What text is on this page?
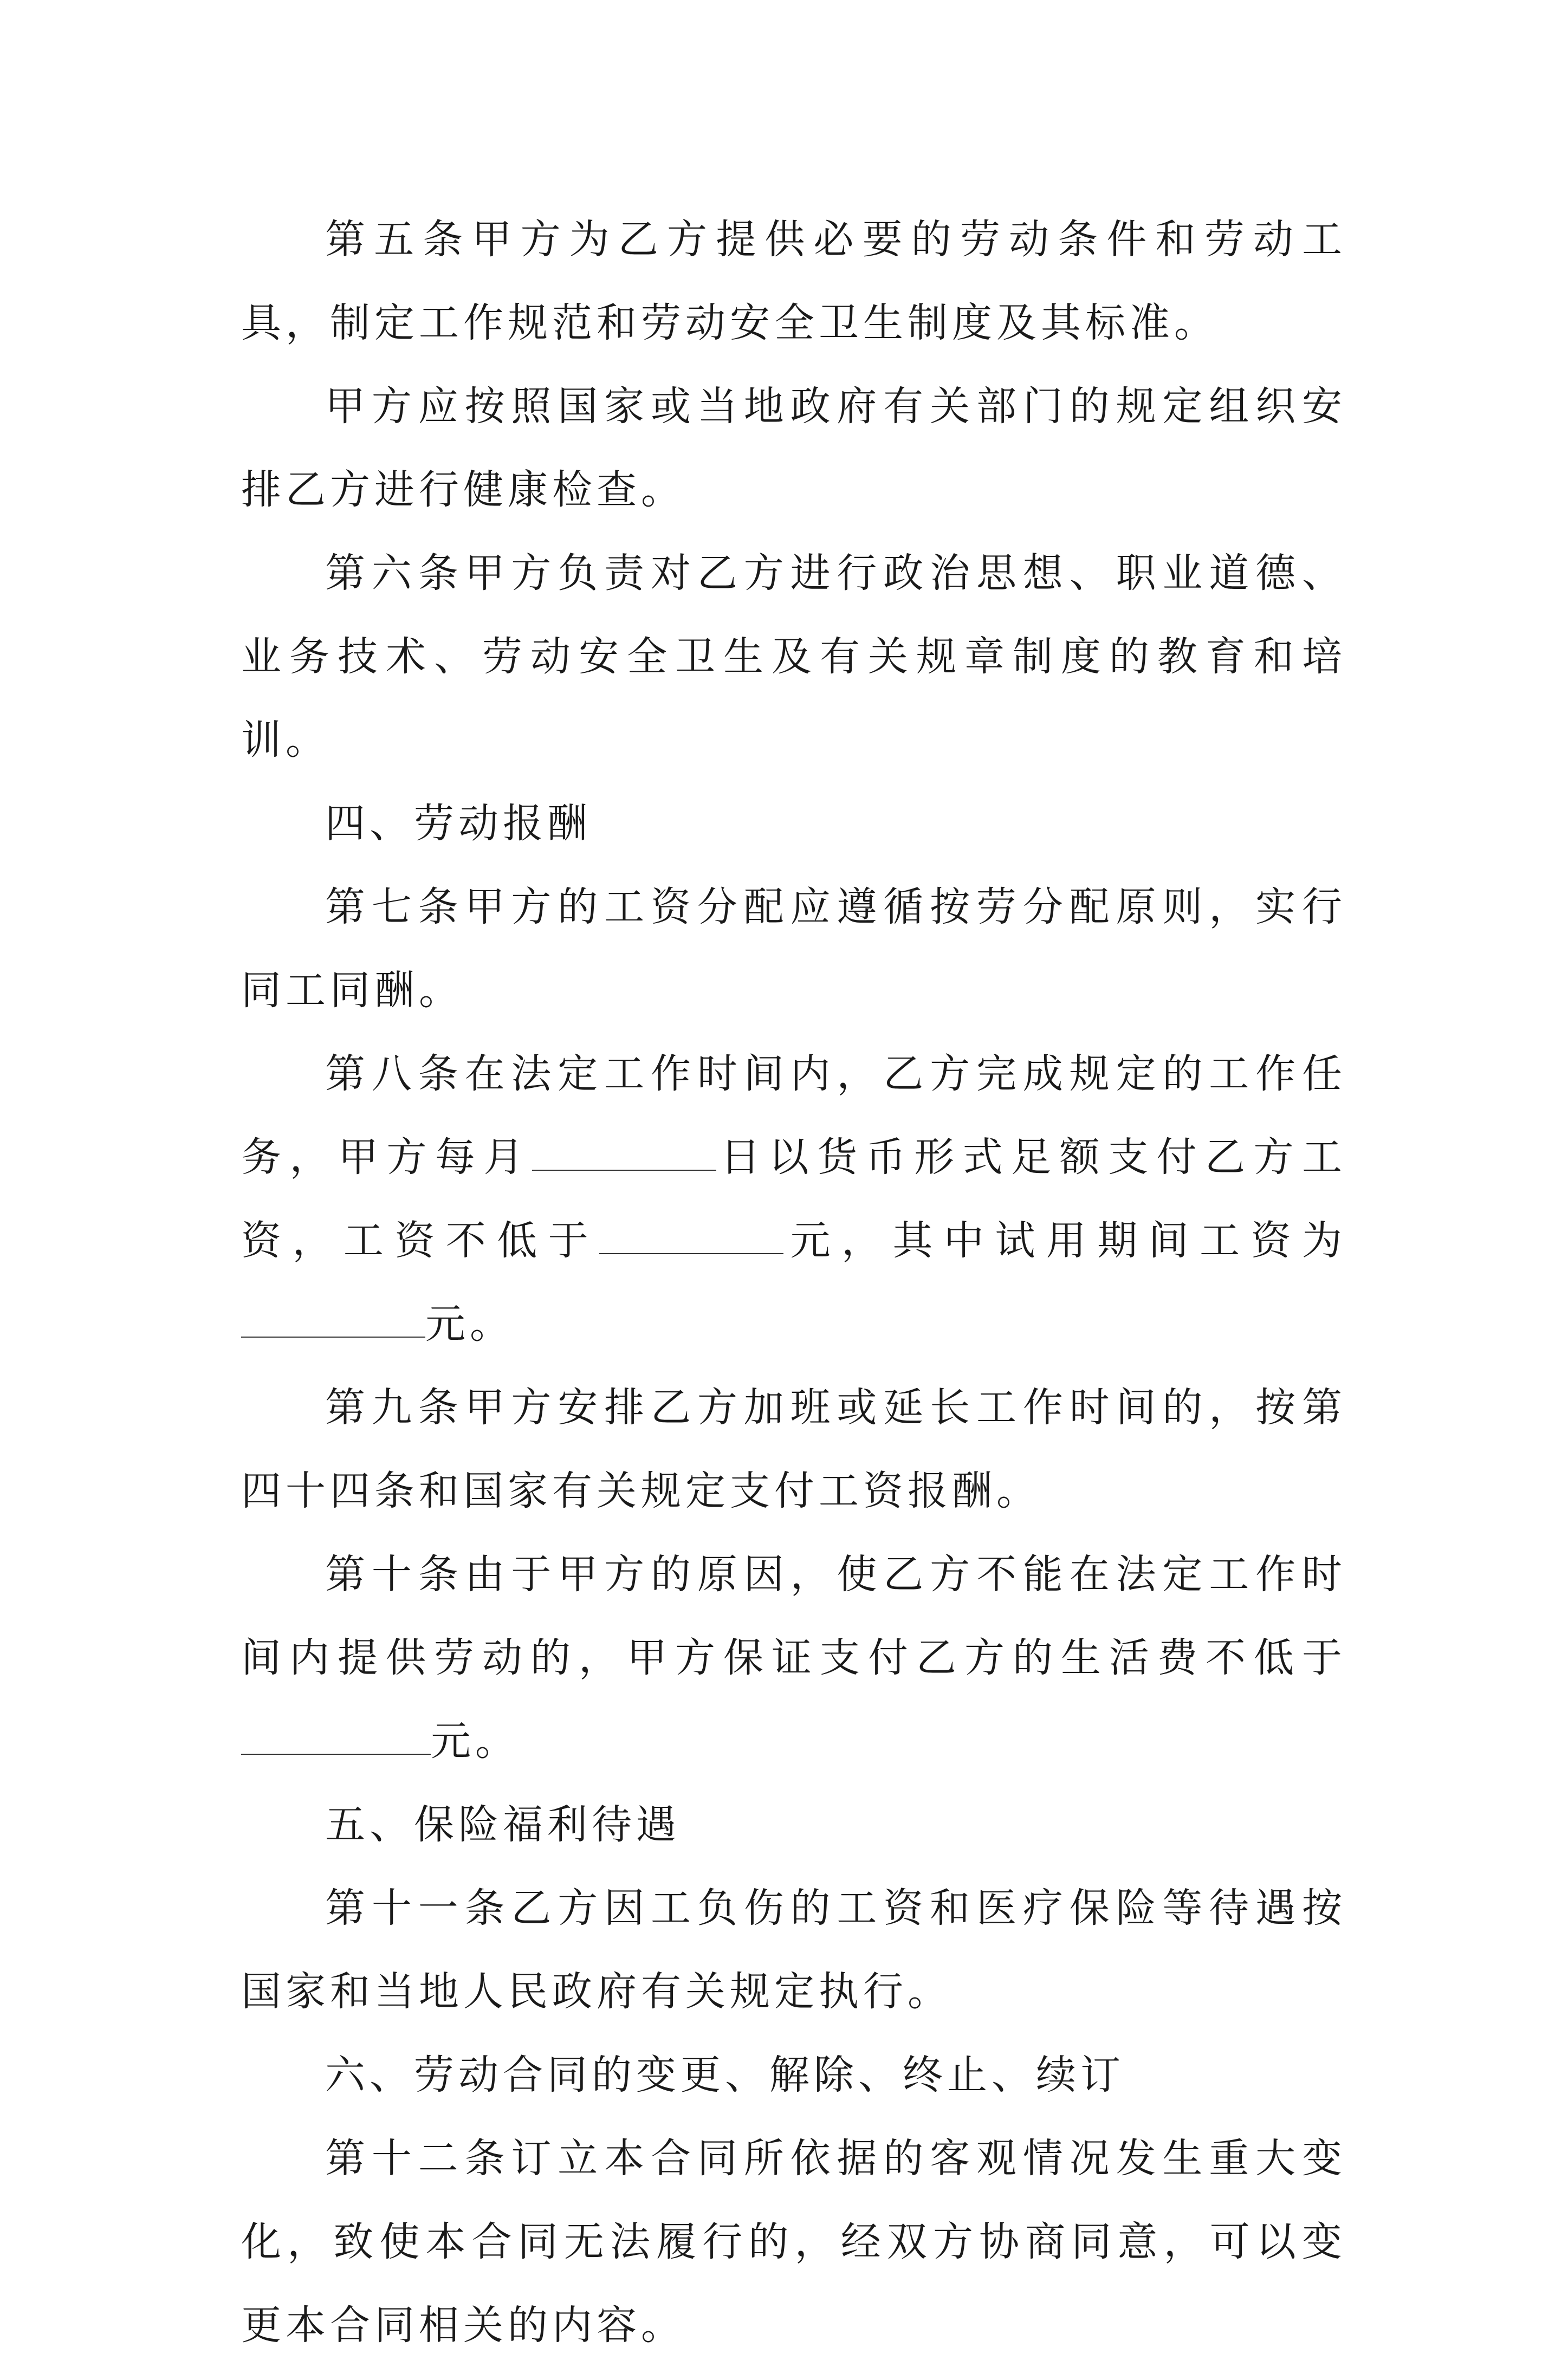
第五条甲方为乙方提供必要的劳动条件和劳动工具，制定工作规范和劳动安全卫生制度及其标准。

甲方应按照国家或当地政府有关部门的规定组织安排乙方进行健康检查。

第六条甲方负责对乙方进行政治思想、职业道德、业务技术、劳动安全卫生及有关规章制度的教育和培训。

四、劳动报酬

第七条甲方的工资分配应遵循按劳分配原则，实行同工同酬。

第八条在法定工作时间内，乙方完成规定的工作任务，甲方每月	日以货币形式足额支付乙方工资，工资不低于	元，其中试用期间工资为元。

第九条甲方安排乙方加班或延长工作时间的，按第四十四条和国家有关规定支付工资报酬。

第十条由于甲方的原因，使乙方不能在法定工作时间内提供劳动的，甲方保证支付乙方的生活费不低于元。

五、保险福利待遇

第十一条乙方因工负伤的工资和医疗保险等待遇按国家和当地人民政府有关规定执行。

六、劳动合同的变更、解除、终止、续订

第十二条订立本合同所依据的客观情况发生重大变化，致使本合同无法履行的，经双方协商同意，可以变更本合同相关的内容。
